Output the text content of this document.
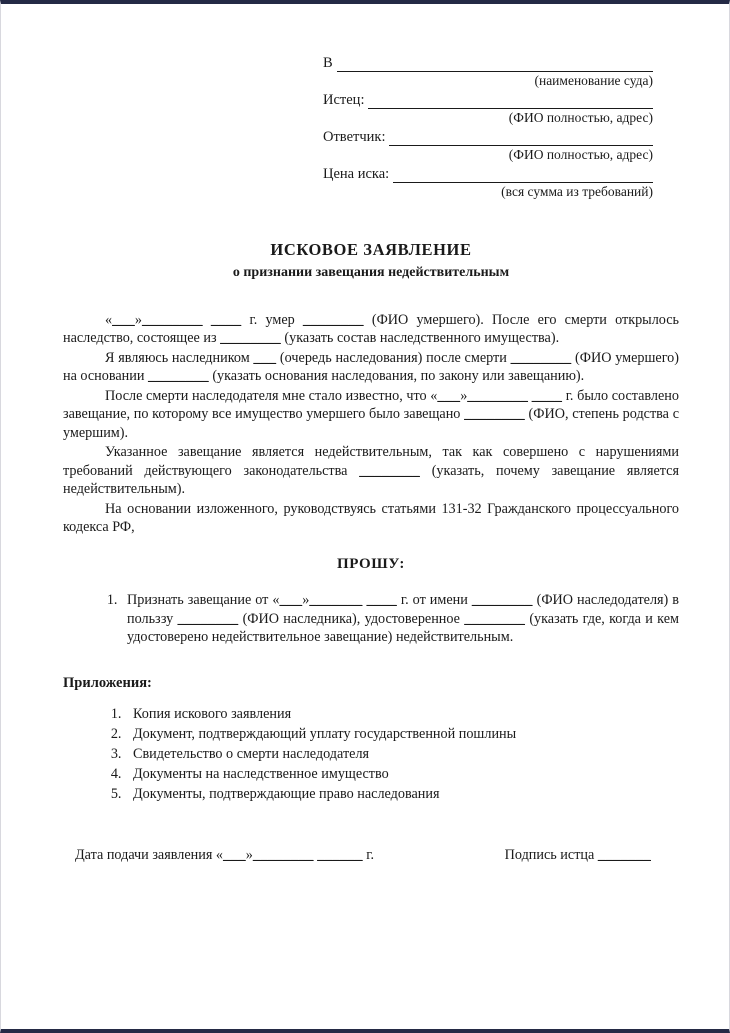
В
(наименование суда)
Истец:
(ФИО полностью, адрес)
Ответчик:
(ФИО полностью, адрес)
Цена иска:
(вся сумма из требований)
ИСКОВОЕ ЗАЯВЛЕНИЕ
о признании завещания недействительным

«___»________ ____ г. умер ________ (ФИО умершего). После его смерти открылось наследство, состоящее из ________ (указать состав наследственного имущества).

Я являюсь наследником ___ (очередь наследования) после смерти ________ (ФИО умершего) на основании ________ (указать основания наследования, по закону или завещанию).

После смерти наследодателя мне стало известно, что «___»________ ____ г. было составлено завещание, по которому все имущество умершего было завещано ________ (ФИО, степень родства с умершим).

Указанное завещание является недействительным, так как совершено с нарушениями требований действующего законодательства ________ (указать, почему завещание является недействительным).

На основании изложенного, руководствуясь статьями 131-32 Гражданского процессуального кодекса РФ,

ПРОШУ:
1. Признать завещание от «___»_______ ____ г. от имени ________ (ФИО наследодателя) в польззу ________ (ФИО наследника), удостоверенное ________ (указать где, когда и кем удостоверено недействительное завещание) недействительным.
Приложения:
1. Копия искового заявления
2. Документ, подтверждающий уплату государственной пошлины
3. Свидетельство о смерти наследодателя
4. Документы на наследственное имущество
5. Документы, подтверждающие право наследования
Дата подачи заявления «___»________ ______ г.	Подпись истца _______
